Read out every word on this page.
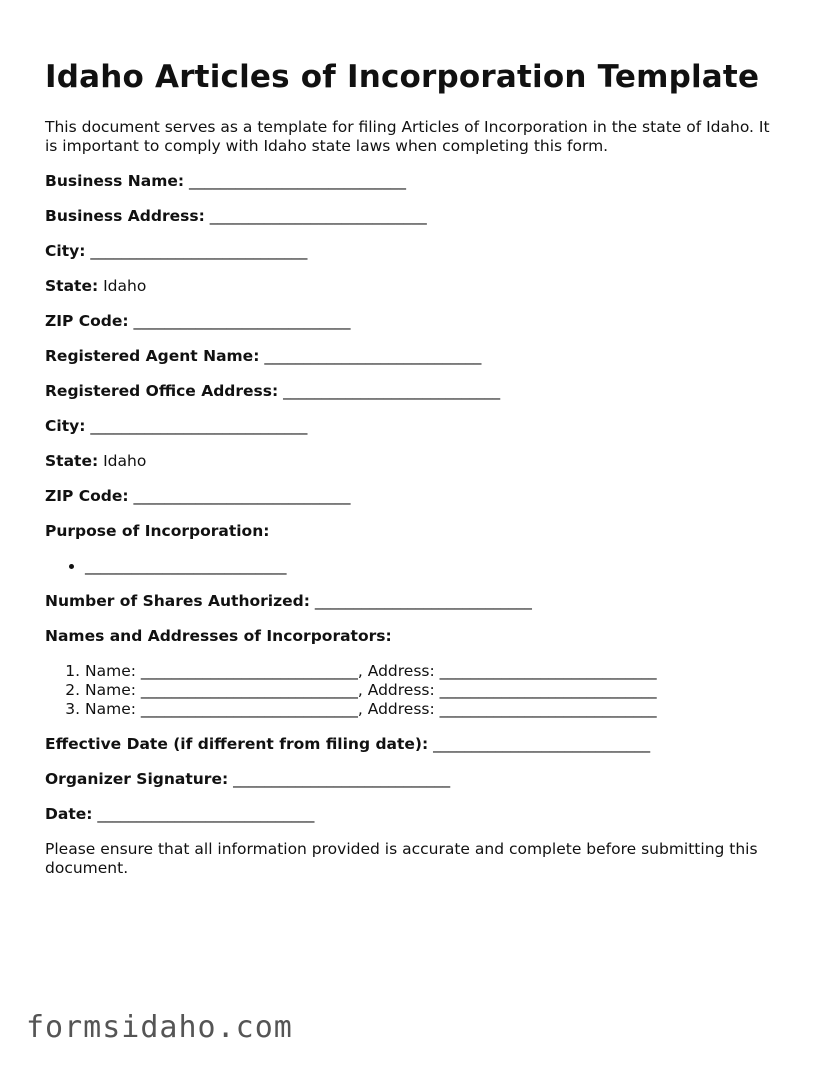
Idaho Articles of Incorporation Template

This document serves as a template for filing Articles of Incorporation in the state of Idaho. It is important to comply with Idaho state laws when completing this form.

Business Name: ____________________________
Business Address: ____________________________
City: ____________________________
State: Idaho
ZIP Code: ____________________________
Registered Agent Name: ____________________________
Registered Office Address: ____________________________
City: ____________________________
State: Idaho
ZIP Code: ____________________________
Purpose of Incorporation:
• __________________________
Number of Shares Authorized: ____________________________
Names and Addresses of Incorporators:
1. Name: ____________________________, Address: ____________________________
2. Name: ____________________________, Address: ____________________________
3. Name: ____________________________, Address: ____________________________
Effective Date (if different from filing date): ____________________________
Organizer Signature: ____________________________
Date: ____________________________

Please ensure that all information provided is accurate and complete before submitting this document.

formsidaho.com
